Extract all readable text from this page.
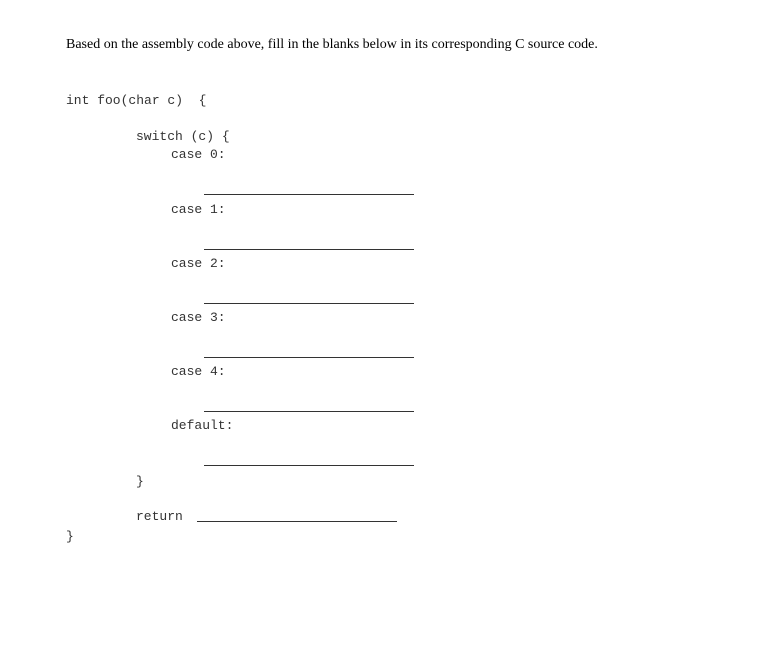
Based on the assembly code above, fill in the blanks below in its corresponding C source code.
int foo(char c)  {
switch (c) {
case 0:
case 1:
case 2:
case 3:
case 4:
default:
}
return
}
